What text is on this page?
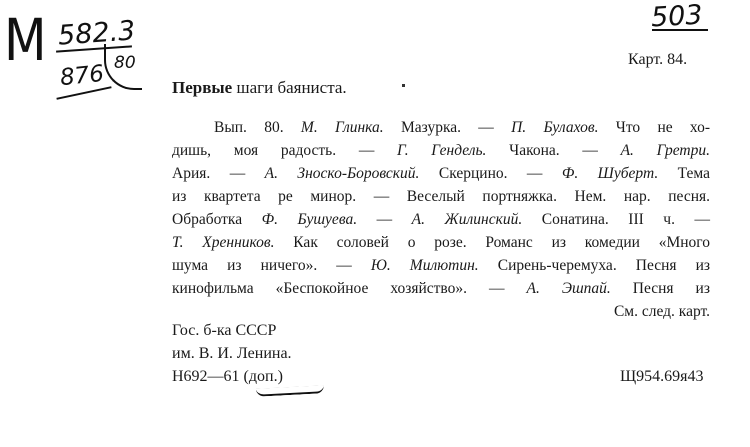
М 582.3
876 80
503
Карт. 84.
Первые шаги баяниста.
Вып. 80. М. Глинка. Мазурка. — П. Булахов. Что не хо-
дишь, моя радость. — Г. Гендель. Чакона. — А. Гретри.
Ария. — А. Зноско-Боровский. Скерцино. — Ф. Шуберт. Тема
из квартета ре минор. — Веселый портняжка. Нем. нар. песня.
Обработка Ф. Бушуева. — А. Жилинский. Сонатина. III ч. —
Т. Хренников. Как соловей о розе. Романс из комедии «Много
шума из ничего». — Ю. Милютин. Сирень-черемуха. Песня из
кинофильма «Беспокойное хозяйство». — А. Эшпай. Песня из
См. след. карт.
Гос. б-ка СССР
им. В. И. Ленина.
Н692—61 (доп.)	Щ954.69я43
